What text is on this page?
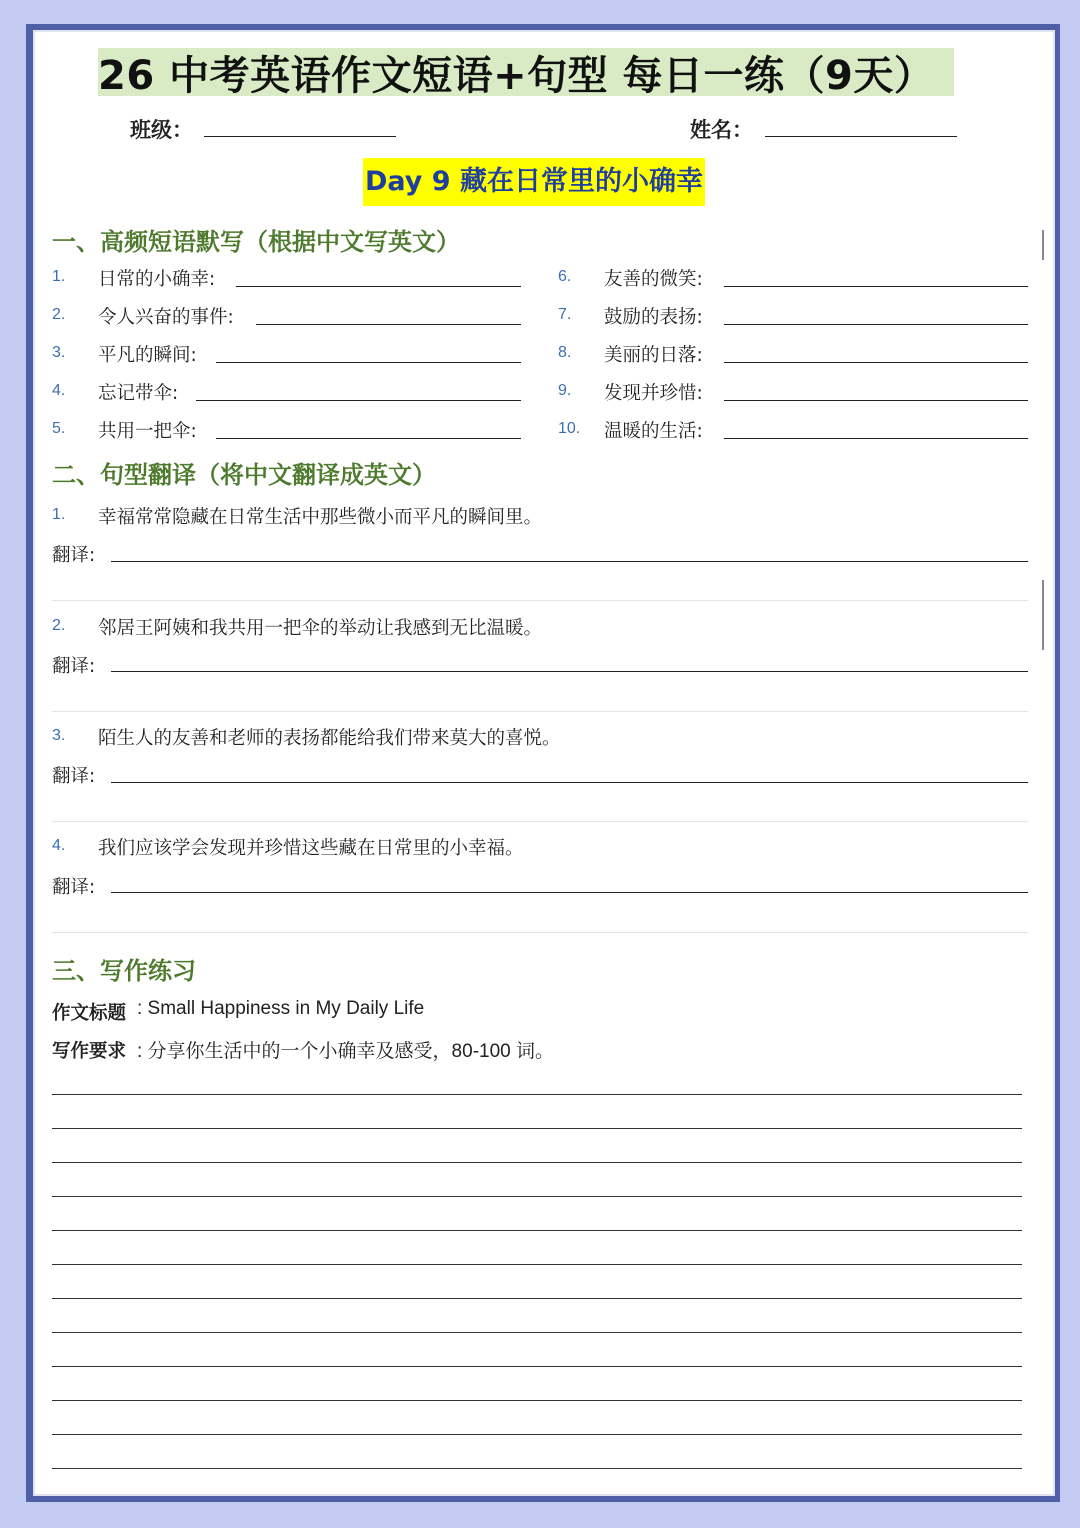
26 中考英语作文短语+句型 每日一练（9天）
班级：	姓名：
Day 9 藏在日常里的小确幸
一、高频短语默写（根据中文写英文）
1. 日常的小确幸:
2. 令人兴奋的事件:
3. 平凡的瞬间:
4. 忘记带伞:
5. 共用一把伞:
6. 友善的微笑:
7. 鼓励的表扬:
8. 美丽的日落:
9. 发现并珍惜:
10. 温暖的生活:
二、句型翻译（将中文翻译成英文）
1. 幸福常常隐藏在日常生活中那些微小而平凡的瞬间里。
翻译:
2. 邻居王阿姨和我共用一把伞的举动让我感到无比温暖。
翻译:
3. 陌生人的友善和老师的表扬都能给我们带来莫大的喜悦。
翻译:
4. 我们应该学会发现并珍惜这些藏在日常里的小幸福。
翻译:
三、写作练习
作文标题 : Small Happiness in My Daily Life
写作要求 : 分享你生活中的一个小确幸及感受，80-100 词。
